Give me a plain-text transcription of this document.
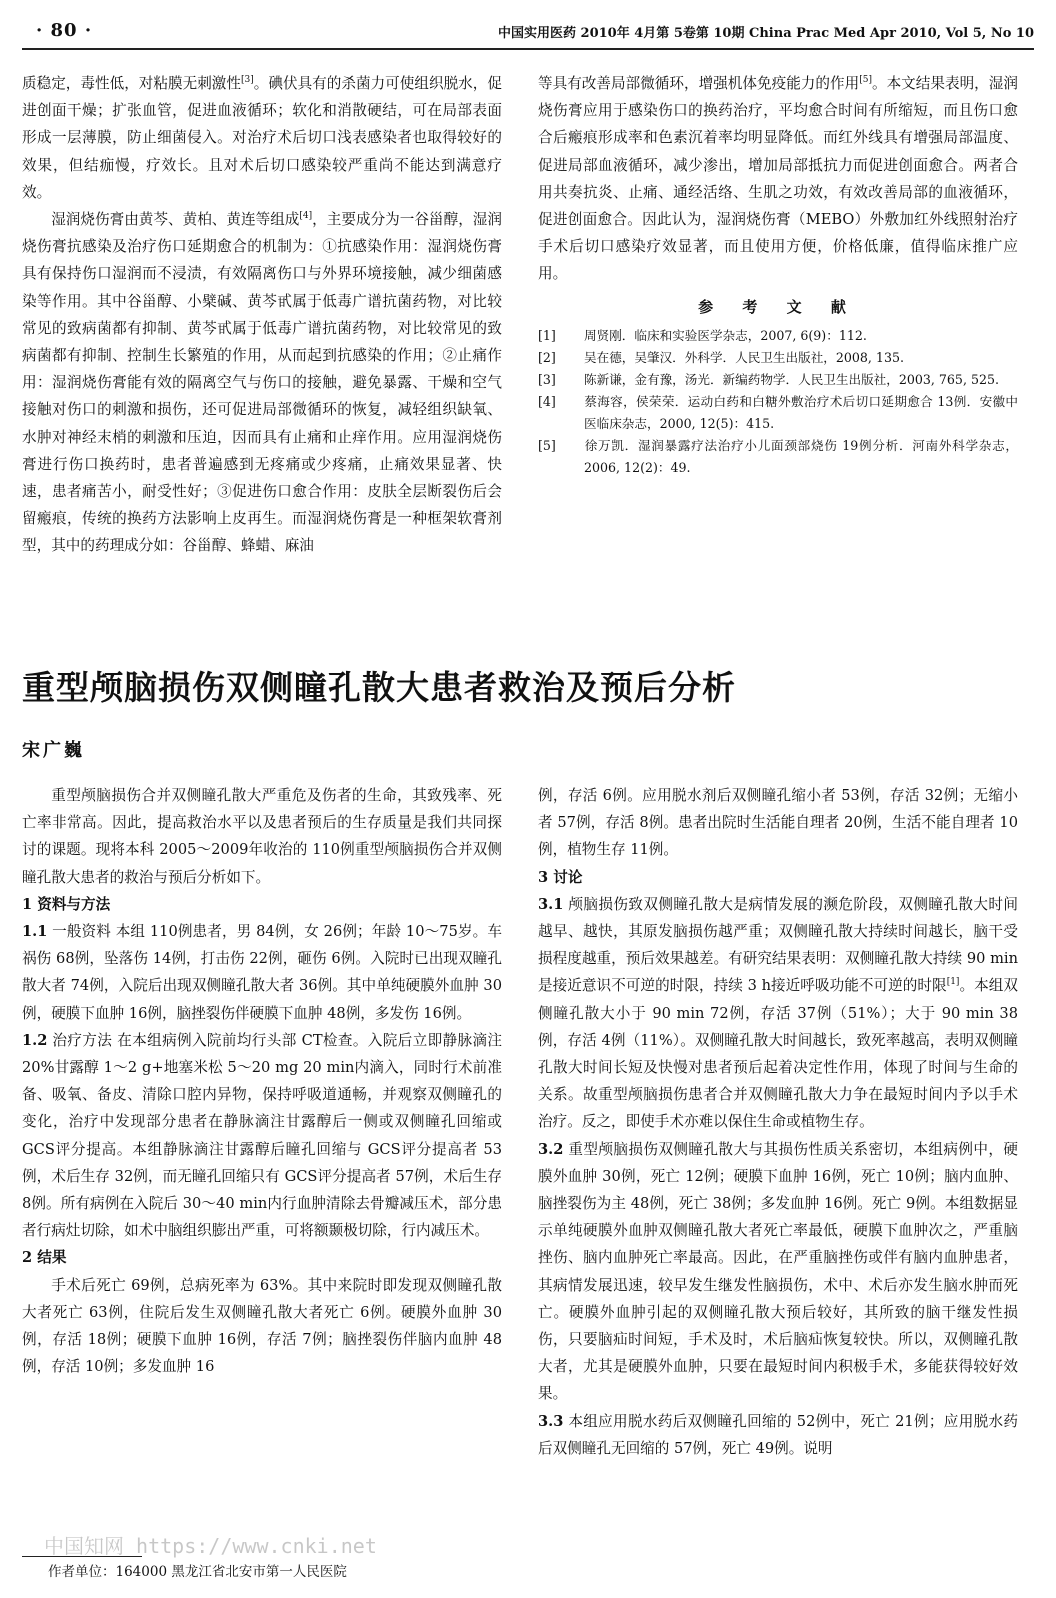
· 80 ·	中国实用医药 2010年 4月第 5卷第 10期 China Prac Med Apr 2010, Vol 5, No 10

质稳定，毒性低，对粘膜无刺激性[3]。碘伏具有的杀菌力可使组织脱水，促进创面干燥；扩张血管，促进血液循环；软化和消散硬结，可在局部表面形成一层薄膜，防止细菌侵入。对治疗术后切口浅表感染者也取得较好的效果，但结痂慢，疗效长。且对术后切口感染较严重尚不能达到满意疗效。

湿润烧伤膏由黄芩、黄柏、黄连等组成[4]，主要成分为一谷甾醇，湿润烧伤膏抗感染及治疗伤口延期愈合的机制为：①抗感染作用：湿润烧伤膏具有保持伤口湿润而不浸渍，有效隔离伤口与外界环境接触，减少细菌感染等作用。其中谷甾醇、小檗碱、黄芩甙属于低毒广谱抗菌药物，对比较常见的致病菌都有抑制、黄芩甙属于低毒广谱抗菌药物，对比较常见的致病菌都有抑制、控制生长繁殖的作用，从而起到抗感染的作用；②止痛作用：湿润烧伤膏能有效的隔离空气与伤口的接触，避免暴露、干燥和空气接触对伤口的刺激和损伤，还可促进局部微循环的恢复，减轻组织缺氧、水肿对神经末梢的刺激和压迫，因而具有止痛和止痒作用。应用湿润烧伤膏进行伤口换药时，患者普遍感到无疼痛或少疼痛，止痛效果显著、快速，患者痛苦小，耐受性好；③促进伤口愈合作用：皮肤全层断裂伤后会留瘢痕，传统的换药方法影响上皮再生。而湿润烧伤膏是一种框架软膏剂型，其中的药理成分如：谷甾醇、蜂蜡、麻油

等具有改善局部微循环，增强机体免疫能力的作用[5]。本文结果表明，湿润烧伤膏应用于感染伤口的换药治疗，平均愈合时间有所缩短，而且伤口愈合后瘢痕形成率和色素沉着率均明显降低。而红外线具有增强局部温度、促进局部血液循环，减少渗出，增加局部抵抗力而促进创面愈合。两者合用共奏抗炎、止痛、通经活络、生肌之功效，有效改善局部的血液循环，促进创面愈合。因此认为，湿润烧伤膏（MEBO）外敷加红外线照射治疗手术后切口感染疗效显著，而且使用方便，价格低廉，值得临床推广应用。

参 考 文 献

[1] 周贤刚．临床和实验医学杂志，2007, 6(9)：112.

[2] 吴在德，吴肇汉．外科学．人民卫生出版社，2008, 135.

[3] 陈新谦，金有豫，汤光．新编药物学．人民卫生出版社，2003, 765, 525.

[4] 蔡海容，侯荣荣．运动白药和白糖外敷治疗术后切口延期愈合 13例．安徽中医临床杂志，2000, 12(5)：415.

[5] 徐万凯．湿润暴露疗法治疗小儿面颈部烧伤 19例分析．河南外科学杂志，2006, 12(2)：49.

重型颅脑损伤双侧瞳孔散大患者救治及预后分析
宋广巍

重型颅脑损伤合并双侧瞳孔散大严重危及伤者的生命，其致残率、死亡率非常高。因此，提高救治水平以及患者预后的生存质量是我们共同探讨的课题。现将本科 2005～2009年收治的 110例重型颅脑损伤合并双侧瞳孔散大患者的救治与预后分析如下。

1 资料与方法

1.1 一般资料 本组 110例患者，男 84例，女 26例；年龄 10～75岁。车祸伤 68例，坠落伤 14例，打击伤 22例，砸伤 6例。入院时已出现双瞳孔散大者 74例，入院后出现双侧瞳孔散大者 36例。其中单纯硬膜外血肿 30例，硬膜下血肿 16例，脑挫裂伤伴硬膜下血肿 48例，多发伤 16例。

1.2 治疗方法 在本组病例入院前均行头部 CT检查。入院后立即静脉滴注 20%甘露醇 1～2 g+地塞米松 5～20 mg 20 min内滴入，同时行术前准备、吸氧、备皮、清除口腔内异物，保持呼吸道通畅，并观察双侧瞳孔的变化，治疗中发现部分患者在静脉滴注甘露醇后一侧或双侧瞳孔回缩或 GCS评分提高。本组静脉滴注甘露醇后瞳孔回缩与 GCS评分提高者 53例，术后生存 32例，而无瞳孔回缩只有 GCS评分提高者 57例，术后生存 8例。所有病例在入院后 30～40 min内行血肿清除去骨瓣减压术，部分患者行病灶切除，如术中脑组织膨出严重，可将额颞极切除，行内减压术。

2 结果

手术后死亡 69例，总病死率为 63%。其中来院时即发现双侧瞳孔散大者死亡 63例，住院后发生双侧瞳孔散大者死亡 6例。硬膜外血肿 30例，存活 18例；硬膜下血肿 16例，存活 7例；脑挫裂伤伴脑内血肿 48例，存活 10例；多发血肿 16

例，存活 6例。应用脱水剂后双侧瞳孔缩小者 53例，存活 32例；无缩小者 57例，存活 8例。患者出院时生活能自理者 20例，生活不能自理者 10例，植物生存 11例。

3 讨论

3.1 颅脑损伤致双侧瞳孔散大是病情发展的濒危阶段，双侧瞳孔散大时间越早、越快，其原发脑损伤越严重；双侧瞳孔散大持续时间越长，脑干受损程度越重，预后效果越差。有研究结果表明：双侧瞳孔散大持续 90 min是接近意识不可逆的时限，持续 3 h接近呼吸功能不可逆的时限[1]。本组双侧瞳孔散大小于 90 min 72例，存活 37例（51%）；大于 90 min 38例，存活 4例（11%）。双侧瞳孔散大时间越长，致死率越高，表明双侧瞳孔散大时间长短及快慢对患者预后起着决定性作用，体现了时间与生命的关系。故重型颅脑损伤患者合并双侧瞳孔散大力争在最短时间内予以手术治疗。反之，即使手术亦难以保住生命或植物生存。

3.2 重型颅脑损伤双侧瞳孔散大与其损伤性质关系密切，本组病例中，硬膜外血肿 30例，死亡 12例；硬膜下血肿 16例，死亡 10例；脑内血肿、脑挫裂伤为主 48例，死亡 38例；多发血肿 16例。死亡 9例。本组数据显示单纯硬膜外血肿双侧瞳孔散大者死亡率最低，硬膜下血肿次之，严重脑挫伤、脑内血肿死亡率最高。因此，在严重脑挫伤或伴有脑内血肿患者，其病情发展迅速，较早发生继发性脑损伤，术中、术后亦发生脑水肿而死亡。硬膜外血肿引起的双侧瞳孔散大预后较好，其所致的脑干继发性损伤，只要脑疝时间短，手术及时，术后脑疝恢复较快。所以，双侧瞳孔散大者，尤其是硬膜外血肿，只要在最短时间内积极手术，多能获得较好效果。

3.3 本组应用脱水药后双侧瞳孔回缩的 52例中，死亡 21例；应用脱水药后双侧瞳孔无回缩的 57例，死亡 49例。说明

中国知网 https://www.cnki.net
作者单位：164000 黑龙江省北安市第一人民医院
